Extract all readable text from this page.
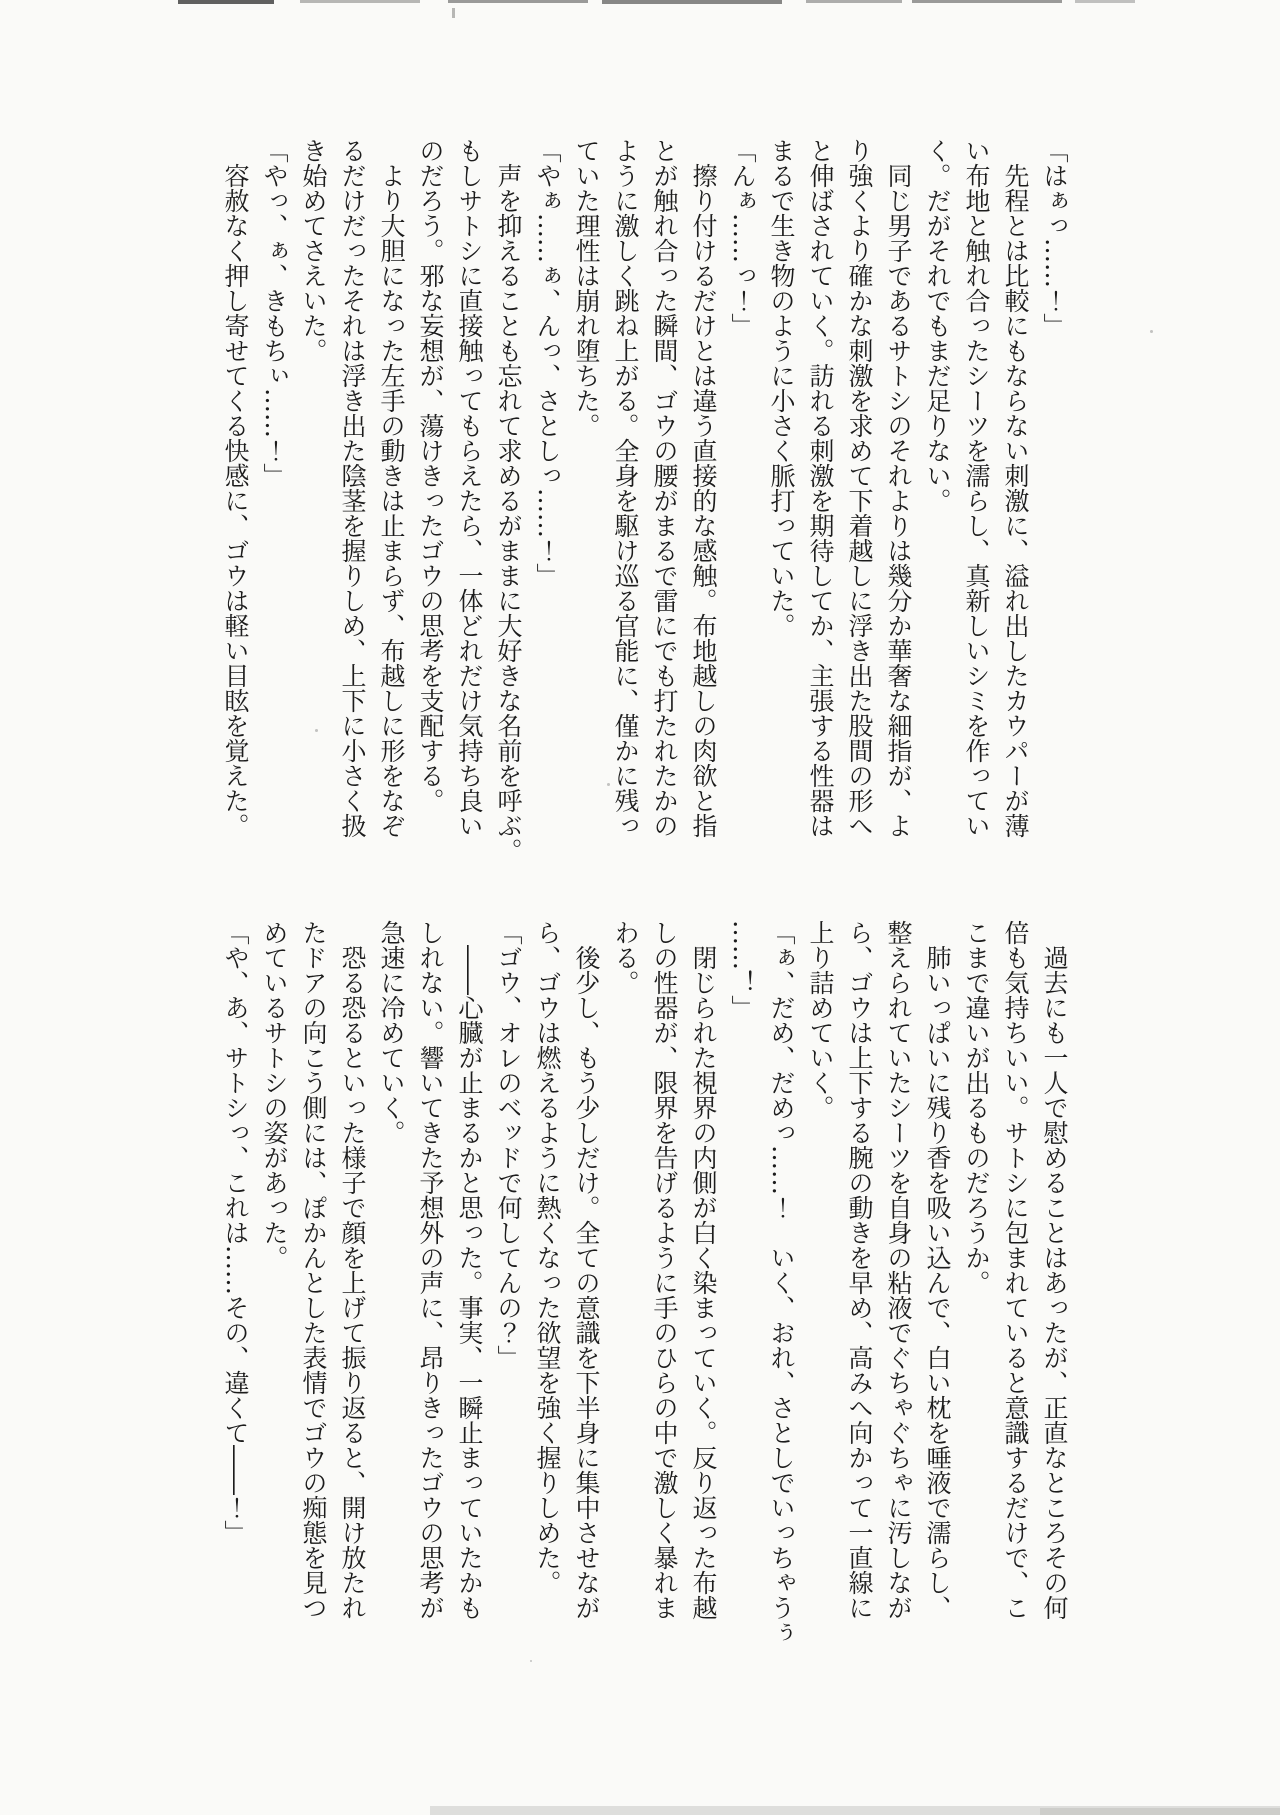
「はぁっ……！」
先程とは比較にもならない刺激に、溢れ出したカウパーが薄
い布地と触れ合ったシーツを濡らし、真新しいシミを作ってい
く。だがそれでもまだ足りない。
同じ男子であるサトシのそれよりは幾分か華奢な細指が、よ
り強くより確かな刺激を求めて下着越しに浮き出た股間の形へ
と伸ばされていく。訪れる刺激を期待してか、主張する性器は
まるで生き物のように小さく脈打っていた。
「んぁ……っ！」
擦り付けるだけとは違う直接的な感触。布地越しの肉欲と指
とが触れ合った瞬間、ゴウの腰がまるで雷にでも打たれたかの
ように激しく跳ね上がる。全身を駆け巡る官能に、僅かに残っ
ていた理性は崩れ堕ちた。
「やぁ……ぁ、んっ、さとしっ……！」
声を抑えることも忘れて求めるがままに大好きな名前を呼ぶ。
もしサトシに直接触ってもらえたら、一体どれだけ気持ち良い
のだろう。邪な妄想が、蕩けきったゴウの思考を支配する。
より大胆になった左手の動きは止まらず、布越しに形をなぞ
るだけだったそれは浮き出た陰茎を握りしめ、上下に小さく扱
き始めてさえいた。
「やっ、ぁ、きもちぃ……！」
容赦なく押し寄せてくる快感に、ゴウは軽い目眩を覚えた。
過去にも一人で慰めることはあったが、正直なところその何
倍も気持ちいい。サトシに包まれていると意識するだけで、こ
こまで違いが出るものだろうか。
肺いっぱいに残り香を吸い込んで、白い枕を唾液で濡らし、
整えられていたシーツを自身の粘液でぐちゃぐちゃに汚しなが
ら、ゴウは上下する腕の動きを早め、高みへ向かって一直線に
上り詰めていく。
「ぁ、だめ、だめっ……！　いく、おれ、さとしでいっちゃうぅ
……！」
閉じられた視界の内側が白く染まっていく。反り返った布越
しの性器が、限界を告げるように手のひらの中で激しく暴れま
わる。
後少し、もう少しだけ。全ての意識を下半身に集中させなが
ら、ゴウは燃えるように熱くなった欲望を強く握りしめた。
「ゴウ、オレのベッドで何してんの？」
――心臓が止まるかと思った。事実、一瞬止まっていたかも
しれない。響いてきた予想外の声に、昂りきったゴウの思考が
急速に冷めていく。
恐る恐るといった様子で顔を上げて振り返ると、開け放たれ
たドアの向こう側には、ぽかんとした表情でゴウの痴態を見つ
めているサトシの姿があった。
「や、あ、サトシっ、これは……その、違くて――！」
